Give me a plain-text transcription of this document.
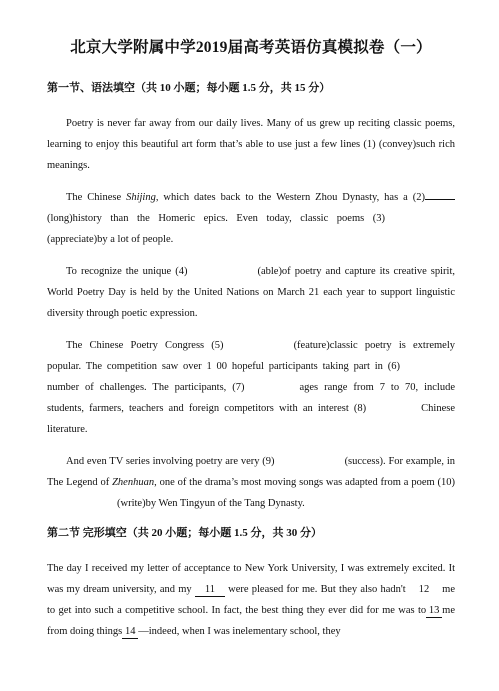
北京大学附属中学2019届高考英语仿真模拟卷（一）
第一节、语法填空（共 10 小题；每小题 1.5 分，共 15 分）

Poetry is never far away from our daily lives. Many of us grew up reciting classic poems, learning to enjoy this beautiful art form that’s able to use just a few lines (1) (convey)such rich meanings.

The Chinese Shijing, which dates back to the Western Zhou Dynasty, has a (2)(long)history than the Homeric epics. Even today, classic poems (3)(appreciate)by a lot of people.

To recognize the unique (4)	(able)of poetry and capture its creative spirit, World Poetry Day is held by the United Nations on March 21 each year to support linguistic diversity through poetic expression.

The Chinese Poetry Congress (5)	(feature)classic poetry is extremely popular. The competition saw over 1 00 hopeful participants taking part in (6)number of challenges. The participants, (7)	ages range from 7 to 70, include students, farmers, teachers and foreign competitors with an interest (8)	Chinese literature.

And even TV series involving poetry are very (9)	(success). For example, in The Legend of Zhenhuan, one of the drama’s most moving songs was adapted from a poem (10)(write)by Wen Tingyun of the Tang Dynasty.

第二节 完形填空（共 20 小题；每小题 1.5 分，共 30 分）

The day I received my letter of acceptance to New York University, I was extremely excited. It was my dream university, and my 11 were pleased for me. But they also hadn't 12 me to get into such a competitive school. In fact, the best thing they ever did for me was to 13 me from doing things 14 —indeed, when I was inelementary school, they
